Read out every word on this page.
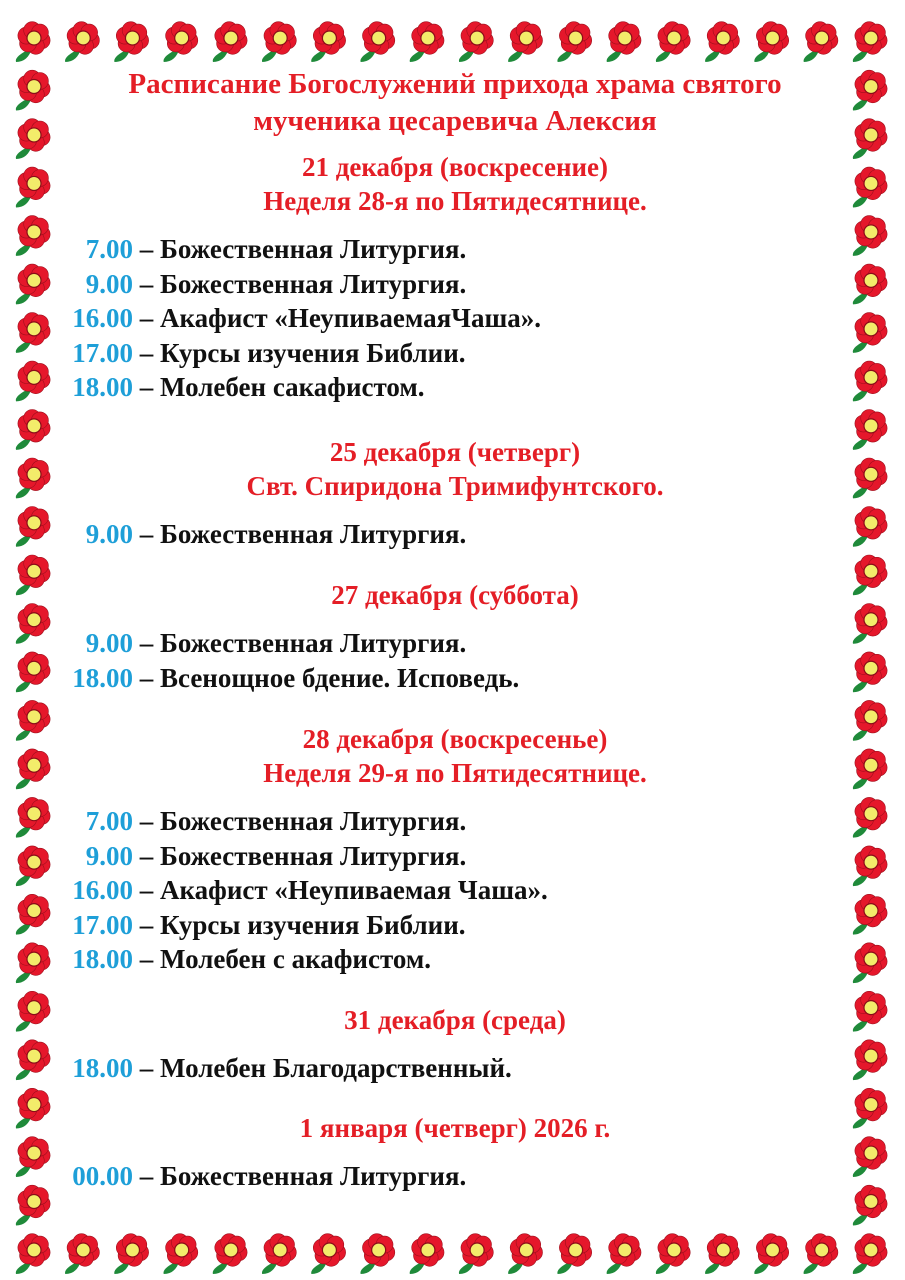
Расписание Богослужений прихода храма святого
мученика цесаревича Алексия
21 декабря (воскресение)
Неделя 28-я по Пятидесятнице.
7.00 – Божественная Литургия.
9.00 – Божественная Литургия.
16.00 – Акафист «НеупиваемаяЧаша».
17.00 – Курсы изучения Библии.
18.00 – Молебен сакафистом.
25 декабря (четверг)
Свт. Спиридона Тримифунтского.
9.00 – Божественная Литургия.
27 декабря (суббота)
9.00 – Божественная Литургия.
18.00 – Всенощное бдение. Исповедь.
28 декабря (воскресенье)
Неделя 29-я по Пятидесятнице.
7.00 – Божественная Литургия.
9.00 – Божественная Литургия.
16.00 – Акафист «Неупиваемая Чаша».
17.00 – Курсы изучения Библии.
18.00 – Молебен с акафистом.
31 декабря (среда)
18.00 – Молебен Благодарственный.
1 января (четверг) 2026 г.
00.00 – Божественная Литургия.
